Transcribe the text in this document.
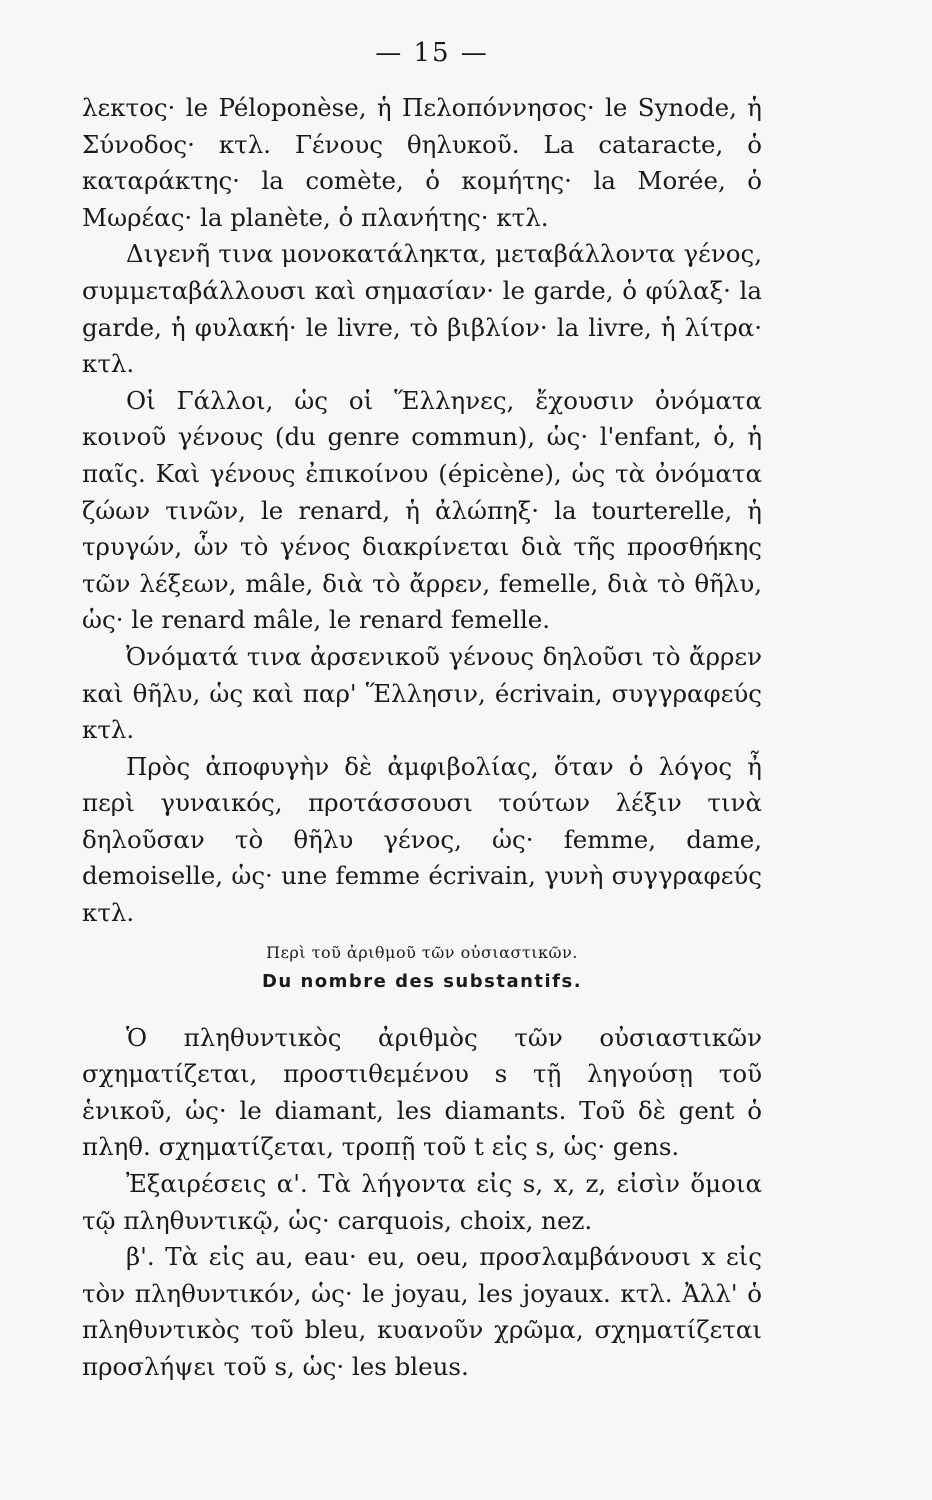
— 15 —

λεκτος· le Péloponèse, ἡ Πελοπόννησος· le Synode, ἡ Σύνοδος· κτλ. Γένους θηλυκοῦ. La cataracte, ὁ καταράκτης· la comète, ὁ κομήτης· la Morée, ὁ Μωρέας· la planète, ὁ πλανήτης· κτλ.

Διγενῆ τινα μονοκατάληκτα, μεταβάλλοντα γένος, συμμεταβάλλουσι καὶ σημασίαν· le garde, ὁ φύλαξ· la garde, ἡ φυλακή· le livre, τὸ βιβλίον· la livre, ἡ λίτρα· κτλ.

Οἱ Γάλλοι, ὡς οἱ Ἕλληνες, ἔχουσιν ὀνόματα κοινοῦ γένους (du genre commun), ὡς· l'enfant, ὁ, ἡ παῖς. Καὶ γένους ἐπικοίνου (épicène), ὡς τὰ ὀνόματα ζώων τινῶν, le renard, ἡ ἀλώπηξ· la tourterelle, ἡ τρυγών, ὧν τὸ γένος διακρίνεται διὰ τῆς προσθήκης τῶν λέξεων, mâle, διὰ τὸ ἄρρεν, femelle, διὰ τὸ θῆλυ, ὡς· le renard mâle, le renard femelle.

Ὀνόματά τινα ἀρσενικοῦ γένους δηλοῦσι τὸ ἄρρεν καὶ θῆλυ, ὡς καὶ παρ' Ἕλλησιν, écrivain, συγγραφεύς κτλ.

Πρὸς ἀποφυγὴν δὲ ἀμφιβολίας, ὅταν ὁ λόγος ἦ περὶ γυναικός, προτάσσουσι τούτων λέξιν τινὰ δηλοῦσαν τὸ θῆλυ γένος, ὡς· femme, dame, demoiselle, ὡς· une femme écrivain, γυνὴ συγγραφεύς κτλ.

Περὶ τοῦ ἀριθμοῦ τῶν οὐσιαστικῶν.
Du nombre des substantifs.

Ὁ πληθυντικὸς ἀριθμὸς τῶν οὐσιαστικῶν σχηματίζεται, προστιθεμένου s τῇ ληγούσῃ τοῦ ἑνικοῦ, ὡς· le diamant, les diamants. Τοῦ δὲ gent ὁ πληθ. σχηματίζεται, τροπῇ τοῦ t εἰς s, ὡς· gens.

Ἐξαιρέσεις α'. Τὰ λήγοντα εἰς s, x, z, εἰσὶν ὅμοια τῷ πληθυντικῷ, ὡς· carquois, choix, nez.

β'. Τὰ εἰς au, eau· eu, oeu, προσλαμβάνουσι x εἰς τὸν πληθυντικόν, ὡς· le joyau, les joyaux. κτλ. Ἀλλ' ὁ πληθυντικὸς τοῦ bleu, κυανοῦν χρῶμα, σχηματίζεται προσλήψει τοῦ s, ὡς· les bleus.
